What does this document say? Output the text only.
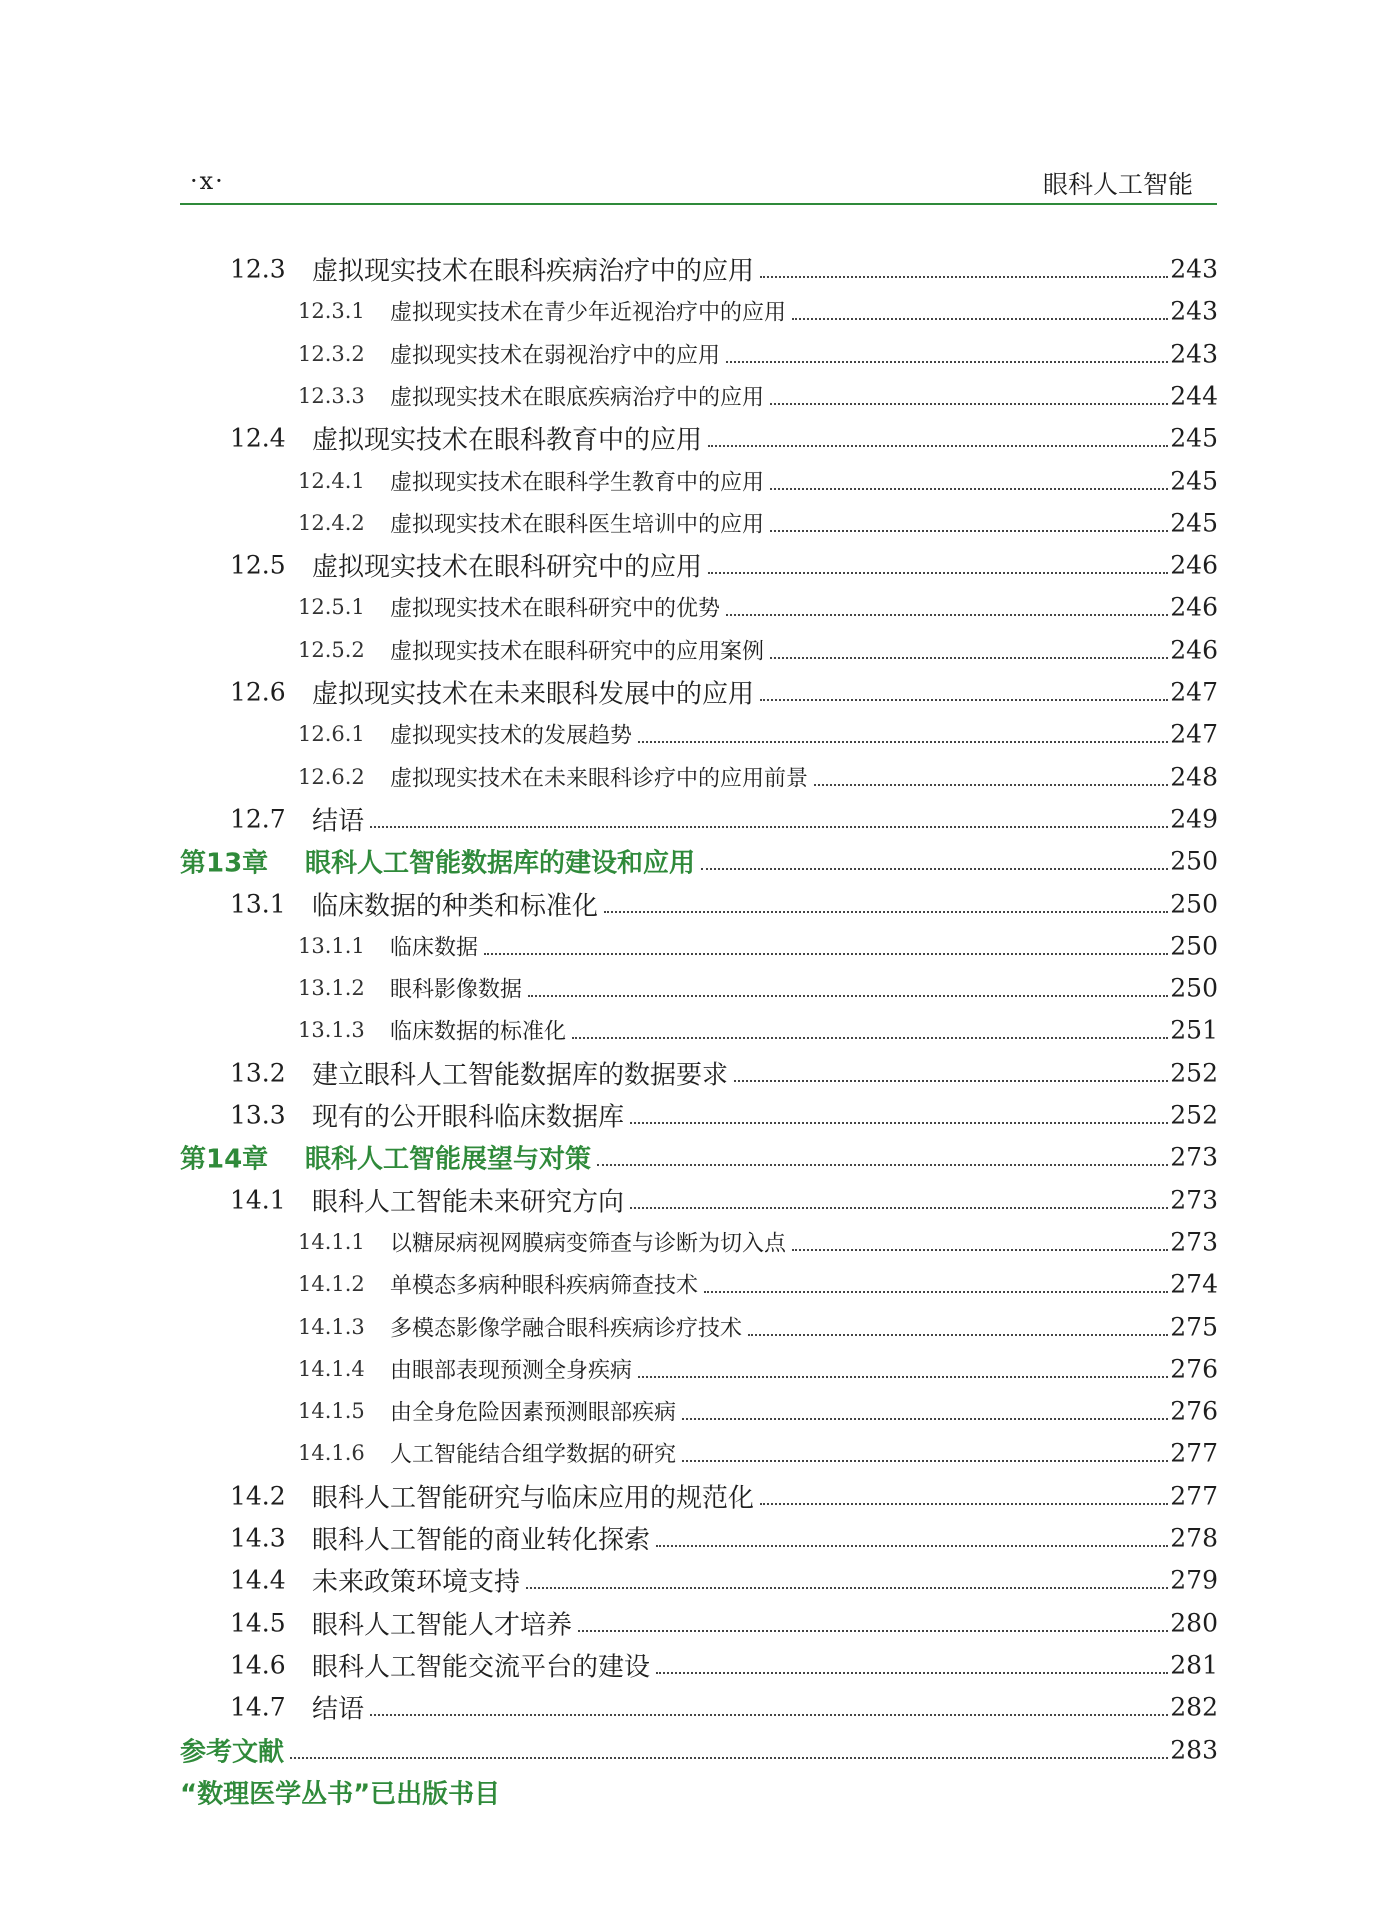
·x·	眼科人工智能
12.3 虚拟现实技术在眼科疾病治疗中的应用	243
12.3.1 虚拟现实技术在青少年近视治疗中的应用	243
12.3.2 虚拟现实技术在弱视治疗中的应用	243
12.3.3 虚拟现实技术在眼底疾病治疗中的应用	244
12.4 虚拟现实技术在眼科教育中的应用	245
12.4.1 虚拟现实技术在眼科学生教育中的应用	245
12.4.2 虚拟现实技术在眼科医生培训中的应用	245
12.5 虚拟现实技术在眼科研究中的应用	246
12.5.1 虚拟现实技术在眼科研究中的优势	246
12.5.2 虚拟现实技术在眼科研究中的应用案例	246
12.6 虚拟现实技术在未来眼科发展中的应用	247
12.6.1 虚拟现实技术的发展趋势	247
12.6.2 虚拟现实技术在未来眼科诊疗中的应用前景	248
12.7 结语	249
第13章 眼科人工智能数据库的建设和应用	250
13.1 临床数据的种类和标准化	250
13.1.1 临床数据	250
13.1.2 眼科影像数据	250
13.1.3 临床数据的标准化	251
13.2 建立眼科人工智能数据库的数据要求	252
13.3 现有的公开眼科临床数据库	252
第14章 眼科人工智能展望与对策	273
14.1 眼科人工智能未来研究方向	273
14.1.1 以糖尿病视网膜病变筛查与诊断为切入点	273
14.1.2 单模态多病种眼科疾病筛查技术	274
14.1.3 多模态影像学融合眼科疾病诊疗技术	275
14.1.4 由眼部表现预测全身疾病	276
14.1.5 由全身危险因素预测眼部疾病	276
14.1.6 人工智能结合组学数据的研究	277
14.2 眼科人工智能研究与临床应用的规范化	277
14.3 眼科人工智能的商业转化探索	278
14.4 未来政策环境支持	279
14.5 眼科人工智能人才培养	280
14.6 眼科人工智能交流平台的建设	281
14.7 结语	282
参考文献	283
“数理医学丛书”已出版书目
